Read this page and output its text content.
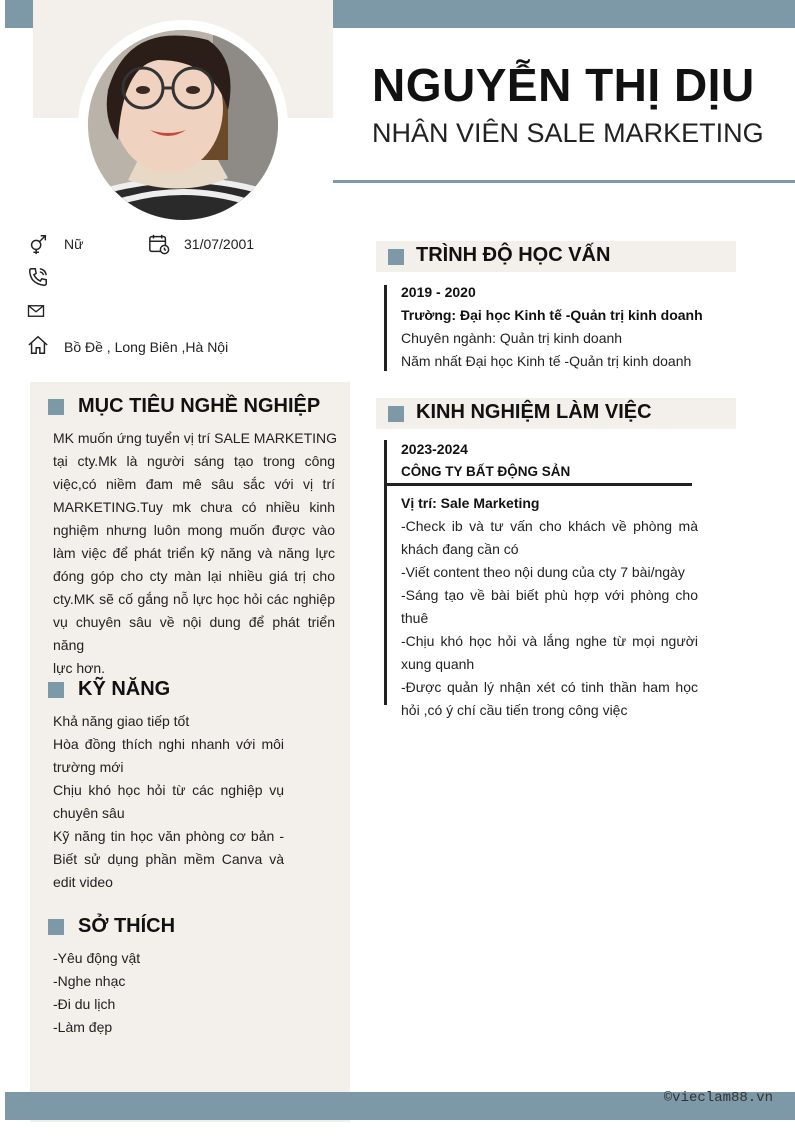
NGUYỄN THỊ DỊU
NHÂN VIÊN SALE MARKETING
Nữ	31/07/2001
Bồ Đề , Long Biên ,Hà Nội
MỤC TIÊU NGHỀ NGHIỆP
MK muốn ứng tuyển vị trí SALE MARKETING
tại cty.Mk là người sáng tạo trong công
việc,có niềm đam mê sâu sắc với vị trí
MARKETING.Tuy mk chưa có nhiều kinh
nghiệm nhưng luôn mong muốn được vào
làm việc để phát triển kỹ năng và năng lực
đóng góp cho cty màn lại nhiều giá trị cho
cty.MK sẽ cố gắng nỗ lực học hỏi các nghiệp
vụ chuyên sâu về nội dung để phát triển năng
lực hơn.
KỸ NĂNG
Khả năng giao tiếp tốt
Hòa đồng thích nghi nhanh với môi
trường mới
Chịu khó học hỏi từ các nghiệp vụ
chuyên sâu
Kỹ năng tin học văn phòng cơ bản -
Biết sử dụng phần mềm Canva và
edit video
SỞ THÍCH
-Yêu động vật
-Nghe nhạc
-Đi du lịch
-Làm đẹp
TRÌNH ĐỘ HỌC VẤN
2019 - 2020
Trường: Đại học Kinh tế -Quản trị kinh doanh
Chuyên ngành: Quản trị kinh doanh
Năm nhất Đại học Kinh tế -Quản trị kinh doanh
KINH NGHIỆM LÀM VIỆC
2023-2024
CÔNG TY BẤT ĐỘNG SẢN
Vị trí: Sale Marketing
-Check ib và tư vấn cho khách về phòng mà
khách đang cần có
-Viết content theo nội dung của cty 7 bài/ngày
-Sáng tạo về bài biết phù hợp với phòng cho
thuê
-Chịu khó học hỏi và lắng nghe từ mọi người
xung quanh
-Được quản lý nhận xét có tinh thần ham học
hỏi ,có ý chí cầu tiến trong công việc
©vieclam88.vn
